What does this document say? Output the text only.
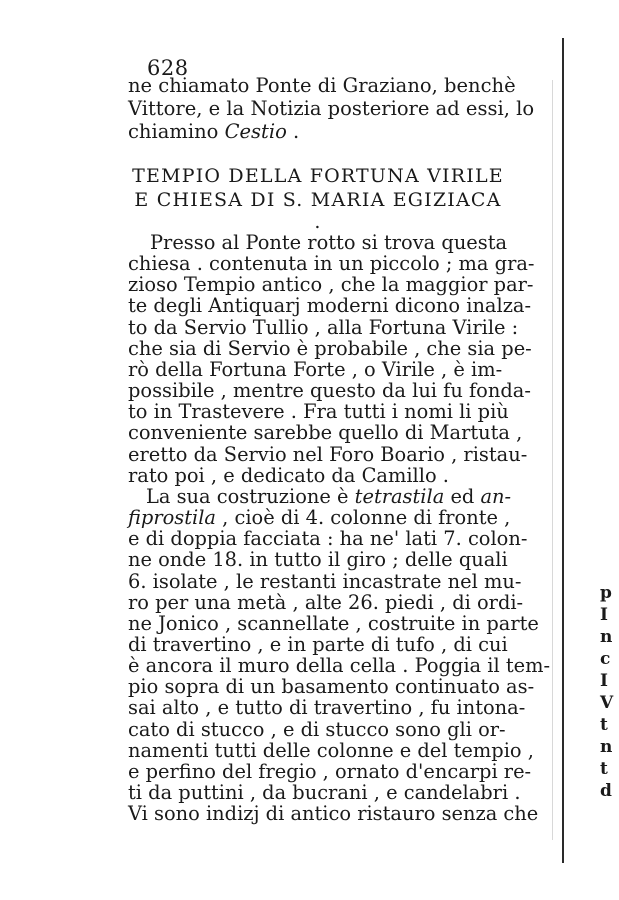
628
ne chiamato Ponte di Graziano, benchè
Vittore, e la Notizia posteriore ad essi, lo
chiamino Cestio .
TEMPIO DELLA FORTUNA VIRILE
E CHIESA DI S. MARIA EGIZIACA .
Presso al Ponte rotto si trova questa
chiesa . contenuta in un piccolo ; ma gra-
zioso Tempio antico , che la maggior par-
te degli Antiquarj moderni dicono inalza-
to da Servio Tullio , alla Fortuna Virile :
che sia di Servio è probabile , che sia pe-
rò della Fortuna Forte , o Virile , è im-
possibile , mentre questo da lui fu fonda-
to in Trastevere . Fra tutti i nomi li più
conveniente sarebbe quello di Martuta ,
eretto da Servio nel Foro Boario , ristau-
rato poi , e dedicato da Camillo .
La sua costruzione è tetrastila ed an-
fiprostila , cioè di 4. colonne di fronte ,
e di doppia facciata : ha ne' lati 7. colon-
ne onde 18. in tutto il giro ; delle quali
6. isolate , le restanti incastrate nel mu-
ro per una metà , alte 26. piedi , di ordi-
ne Jonico , scannellate , costruite in parte
di travertino , e in parte di tufo , di cui
è ancora il muro della cella . Poggia il tem-
pio sopra di un basamento continuato as-
sai alto , e tutto di travertino , fu intona-
cato di stucco , e di stucco sono gli or-
namenti tutti delle colonne e del tempio ,
e perfino del fregio , ornato d'encarpi re-
ti da puttini , da bucrani , e candelabri .
Vi sono indizj di antico ristauro senza che
p
I
n
c
I
V
t
n
t
d
